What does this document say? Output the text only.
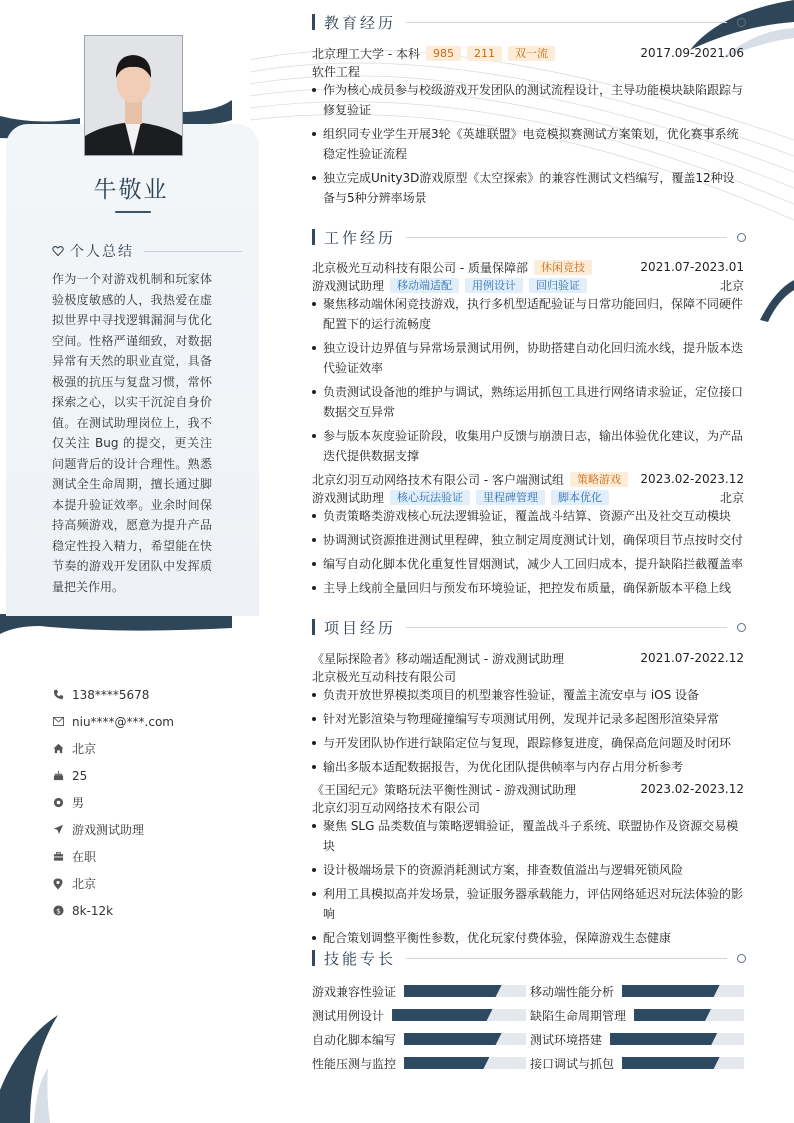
牛敬业
个人总结
作为一个对游戏机制和玩家体验极度敏感的人，我热爱在虚拟世界中寻找逻辑漏洞与优化空间。性格严谨细致，对数据异常有天然的职业直觉，具备极强的抗压与复盘习惯，常怀探索之心，以实干沉淀自身价值。在测试助理岗位上，我不仅关注 Bug 的提交，更关注问题背后的设计合理性。熟悉测试全生命周期，擅长通过脚本提升验证效率。业余时间保持高频游戏，愿意为提升产品稳定性投入精力，希望能在快节奏的游戏开发团队中发挥质量把关作用。
138****5678
niu****@***.com
北京
25
男
游戏测试助理
在职
北京
$ 8k-12k
教育经历
北京理工大学 - 本科	985	211	双一流	2017.09-2021.06
软件工程
作为核心成员参与校级游戏开发团队的测试流程设计，主导功能模块缺陷跟踪与修复验证
组织同专业学生开展3轮《英雄联盟》电竞模拟赛测试方案策划，优化赛事系统稳定性验证流程
独立完成Unity3D游戏原型《太空探索》的兼容性测试文档编写，覆盖12种设备与5种分辨率场景
工作经历
北京极光互动科技有限公司 - 质量保障部	休闲竞技	2021.07-2023.01
游戏测试助理	移动端适配	用例设计	回归验证	北京
聚焦移动端休闲竞技游戏，执行多机型适配验证与日常功能回归，保障不同硬件配置下的运行流畅度
独立设计边界值与异常场景测试用例，协助搭建自动化回归流水线，提升版本迭代验证效率
负责测试设备池的维护与调试，熟练运用抓包工具进行网络请求验证，定位接口数据交互异常
参与版本灰度验证阶段，收集用户反馈与崩溃日志，输出体验优化建议，为产品迭代提供数据支撑
北京幻羽互动网络技术有限公司 - 客户端测试组	策略游戏	2023.02-2023.12
游戏测试助理	核心玩法验证	里程碑管理	脚本优化	北京
负责策略类游戏核心玩法逻辑验证，覆盖战斗结算、资源产出及社交互动模块
协调测试资源推进测试里程碑，独立制定周度测试计划，确保项目节点按时交付
编写自动化脚本优化重复性冒烟测试，减少人工回归成本，提升缺陷拦截覆盖率
主导上线前全量回归与预发布环境验证，把控发布质量，确保新版本平稳上线
项目经历
《星际探险者》移动端适配测试 - 游戏测试助理	2021.07-2022.12
北京极光互动科技有限公司
负责开放世界模拟类项目的机型兼容性验证，覆盖主流安卓与 iOS 设备
针对光影渲染与物理碰撞编写专项测试用例，发现并记录多起图形渲染异常
与开发团队协作进行缺陷定位与复现，跟踪修复进度，确保高危问题及时闭环
输出多版本适配数据报告，为优化团队提供帧率与内存占用分析参考
《王国纪元》策略玩法平衡性测试 - 游戏测试助理	2023.02-2023.12
北京幻羽互动网络技术有限公司
聚焦 SLG 品类数值与策略逻辑验证，覆盖战斗子系统、联盟协作及资源交易模块
设计极端场景下的资源消耗测试方案，排查数值溢出与逻辑死锁风险
利用工具模拟高并发场景，验证服务器承载能力，评估网络延迟对玩法体验的影响
配合策划调整平衡性参数，优化玩家付费体验，保障游戏生态健康
技能专长
游戏兼容性验证	移动端性能分析
测试用例设计	缺陷生命周期管理
自动化脚本编写	测试环境搭建
性能压测与监控	接口调试与抓包
